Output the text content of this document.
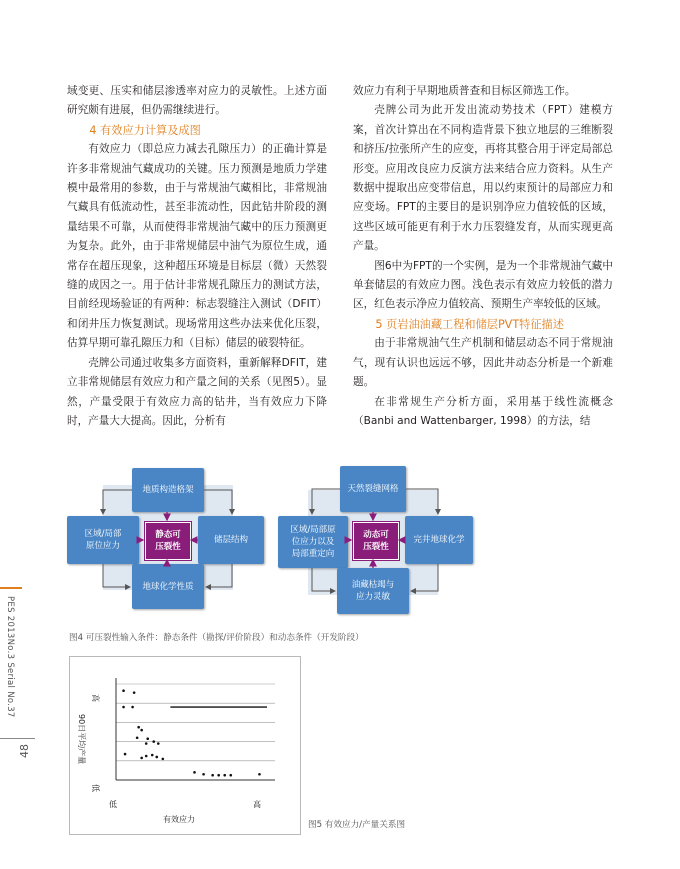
域变更、压实和储层渗透率对应力的灵敏性。上述方面研究颇有进展，但仍需继续进行。

4 有效应力计算及成图

有效应力（即总应力减去孔隙压力）的正确计算是许多非常规油气藏成功的关键。压力预测是地质力学建模中最常用的参数，由于与常规油气藏相比，非常规油气藏具有低流动性，甚至非流动性，因此钻井阶段的测量结果不可靠，从而使得非常规油气藏中的压力预测更为复杂。此外，由于非常规储层中油气为原位生成，通常存在超压现象，这种超压环境是目标层（微）天然裂缝的成因之一。用于估计非常规孔隙压力的测试方法，目前经现场验证的有两种：标志裂缝注入测试（DFIT）和闭井压力恢复测试。现场常用这些办法来优化压裂，估算早期可靠孔隙压力和（目标）储层的破裂特征。

壳牌公司通过收集多方面资料，重新解释DFIT，建立非常规储层有效应力和产量之间的关系（见图5）。显然，产量受限于有效应力高的钻井，当有效应力下降时，产量大大提高。因此，分析有

效应力有利于早期地质普查和目标区筛选工作。

壳牌公司为此开发出流动势技术（FPT）建模方案，首次计算出在不同构造背景下独立地层的三维断裂和挤压/拉张所产生的应变，再将其整合用于评定局部总形变。应用改良应力反演方法来结合应力资料。从生产数据中提取出应变带信息，用以约束预计的局部应力和应变场。FPT的主要目的是识别净应力值较低的区域，这些区域可能更有利于水力压裂缝发育，从而实现更高产量。

图6中为FPT的一个实例，是为一个非常规油气藏中单套储层的有效应力图。浅色表示有效应力较低的潜力区，红色表示净应力值较高、预期生产率较低的区域。

5 页岩油油藏工程和储层PVT特征描述

由于非常规油气生产机制和储层动态不同于常规油气，现有认识也远远不够，因此井动态分析是一个新难题。

在非常规生产分析方面，采用基于线性流概念（Banbi and Wattenbarger, 1998）的方法，结

PES 2013No.3 Serial No.37
48
地质构造格架
区域/局部
原位应力
静态可
压裂性
储层结构
地球化学性质
天然裂缝网格
区域/局部原
位应力以及
局部重定向
动态可
压裂性
完井地球化学
油藏枯竭与
应力灵敏
图4 可压裂性输入条件：静态条件（勘探/评价阶段）和动态条件（开发阶段）
高
低
90日平均产量
低	高
有效应力
图5 有效应力/产量关系图
